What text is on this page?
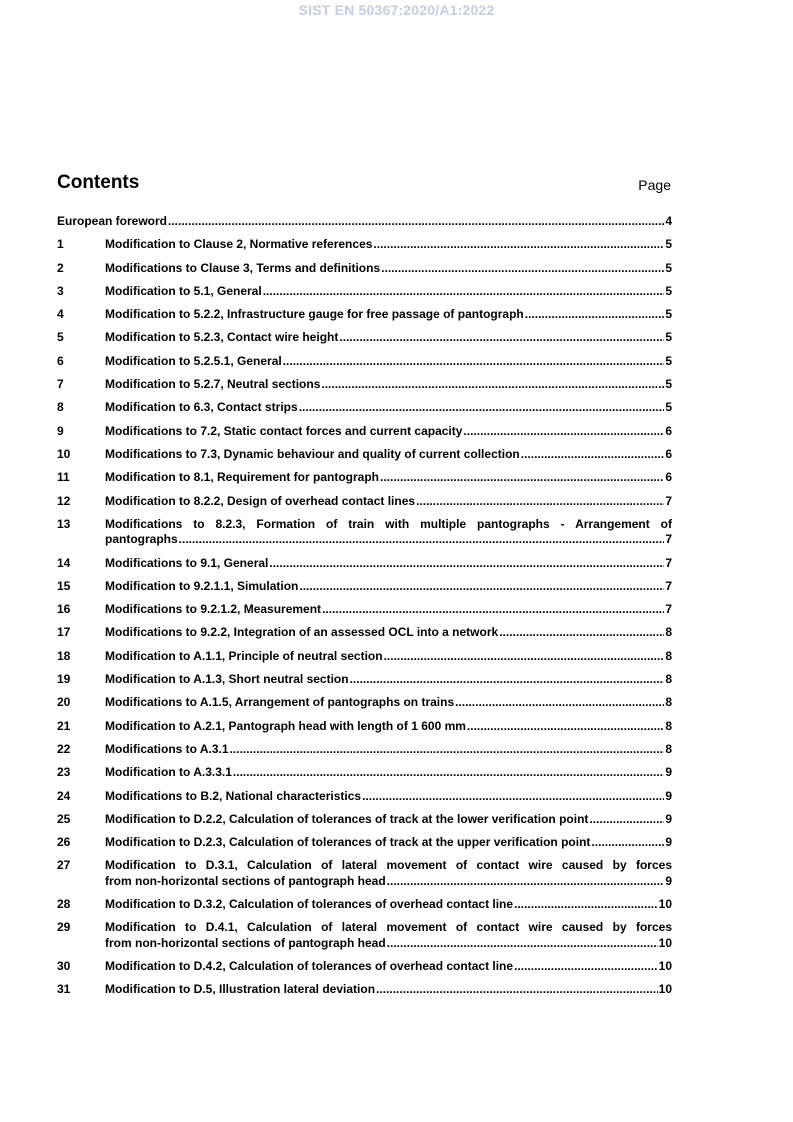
SIST EN 50367:2020/A1:2022
Contents	Page
European foreword .....	4
1	Modification to Clause 2, Normative references .....	5
2	Modifications to Clause 3, Terms and definitions .....	5
3	Modification to 5.1, General .....	5
4	Modification to 5.2.2, Infrastructure gauge for free passage of pantograph .....	5
5	Modification to 5.2.3, Contact wire height .....	5
6	Modification to 5.2.5.1, General .....	5
7	Modification to 5.2.7, Neutral sections .....	5
8	Modification to 6.3, Contact strips .....	5
9	Modifications to 7.2, Static contact forces and current capacity .....	6
10	Modifications to 7.3, Dynamic behaviour and quality of current collection .....	6
11	Modification to 8.1, Requirement for pantograph .....	6
12	Modification to 8.2.2, Design of overhead contact lines .....	7
13	Modifications to 8.2.3, Formation of train with multiple pantographs - Arrangement of
pantographs .....	7
14	Modifications to 9.1, General .....	7
15	Modification to 9.2.1.1, Simulation .....	7
16	Modifications to 9.2.1.2, Measurement .....	7
17	Modifications to 9.2.2, Integration of an assessed OCL into a network .....	8
18	Modification to A.1.1, Principle of neutral section .....	8
19	Modification to A.1.3, Short neutral section .....	8
20	Modifications to A.1.5, Arrangement of pantographs on trains .....	8
21	Modification to A.2.1, Pantograph head with length of 1 600 mm .....	8
22	Modifications to A.3.1 .....	8
23	Modification to A.3.3.1 .....	9
24	Modifications to B.2, National characteristics .....	9
25	Modification to D.2.2, Calculation of tolerances of track at the lower verification point .....	9
26	Modification to D.2.3, Calculation of tolerances of track at the upper verification point .....	9
27	Modification to D.3.1, Calculation of lateral movement of contact wire caused by forces
from non-horizontal sections of pantograph head .....	9
28	Modification to D.3.2, Calculation of tolerances of overhead contact line .....	10
29	Modification to D.4.1, Calculation of lateral movement of contact wire caused by forces
from non-horizontal sections of pantograph head .....	10
30	Modification to D.4.2, Calculation of tolerances of overhead contact line .....	10
31	Modification to D.5, Illustration lateral deviation .....	10
